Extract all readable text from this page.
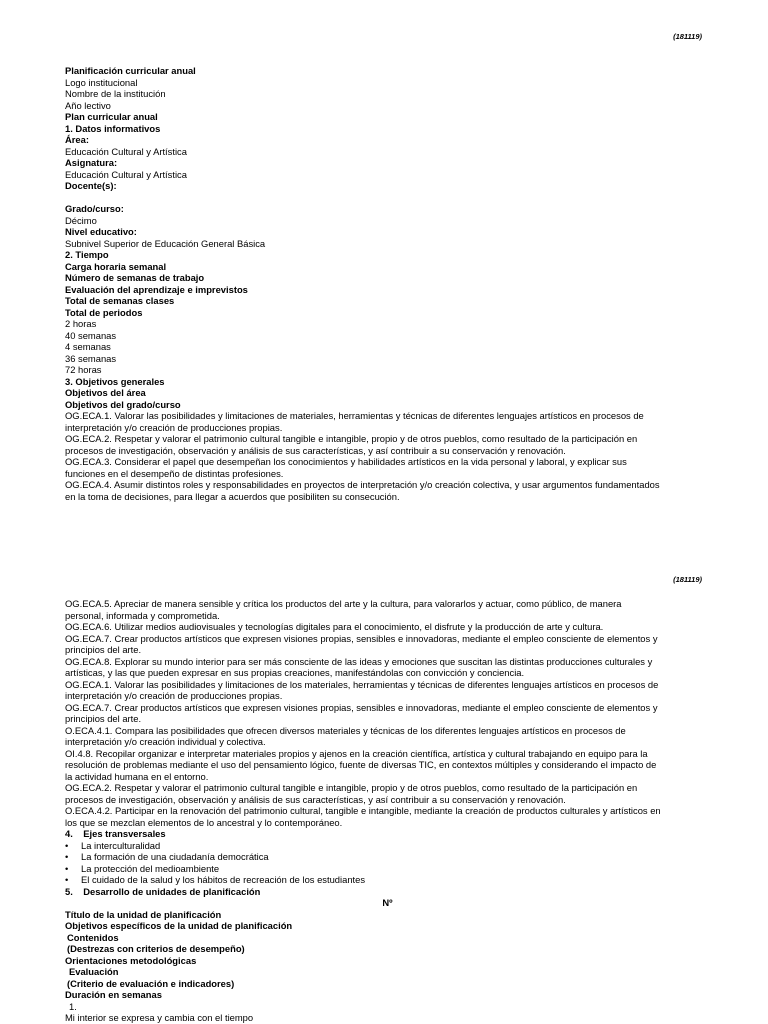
(181119)

Planificación curricular anual

Logo institucional

Nombre de la institución

Año lectivo

Plan curricular anual

1. Datos informativos

Área:

Educación Cultural y Artística

Asignatura:

Educación Cultural y Artística

Docente(s):

Grado/curso:

Décimo

Nivel educativo:

Subnivel Superior de Educación General Básica

2. Tiempo

Carga horaria semanal

Número de semanas de trabajo

Evaluación del aprendizaje e imprevistos

Total de semanas clases

Total de periodos

2 horas

40 semanas

4 semanas

36 semanas

72 horas

3. Objetivos generales

Objetivos del área

Objetivos del grado/curso

OG.ECA.1. Valorar las posibilidades y limitaciones de materiales, herramientas y técnicas de diferentes lenguajes artísticos en procesos de

interpretación y/o creación de producciones propias.

OG.ECA.2. Respetar y valorar el patrimonio cultural tangible e intangible, propio y de otros pueblos, como resultado de la participación en

procesos de investigación, observación y análisis de sus características, y así contribuir a su conservación y renovación.

OG.ECA.3. Considerar el papel que desempeñan los conocimientos y habilidades artísticos en la vida personal y laboral, y explicar sus

funciones en el desempeño de distintas profesiones.

OG.ECA.4. Asumir distintos roles y responsabilidades en proyectos de interpretación y/o creación colectiva, y usar argumentos fundamentados

en la toma de decisiones, para llegar a acuerdos que posibiliten su consecución.

(181119)

OG.ECA.5. Apreciar de manera sensible y crítica los productos del arte y la cultura, para valorarlos y actuar, como público, de manera

personal, informada y comprometida.

OG.ECA.6. Utilizar medios audiovisuales y tecnologías digitales para el conocimiento, el disfrute y la producción de arte y cultura.

OG.ECA.7. Crear productos artísticos que expresen visiones propias, sensibles e innovadoras, mediante el empleo consciente de elementos y

principios del arte.

OG.ECA.8. Explorar su mundo interior para ser más consciente de las ideas y emociones que suscitan las distintas producciones culturales y

artísticas, y las que pueden expresar en sus propias creaciones, manifestándolas con convicción y conciencia.

OG.ECA.1. Valorar las posibilidades y limitaciones de los materiales, herramientas y técnicas de diferentes lenguajes artísticos en procesos de

interpretación y/o creación de producciones propias.

OG.ECA.7. Crear productos artísticos que expresen visiones propias, sensibles e innovadoras, mediante el empleo consciente de elementos y

principios del arte.

O.ECA.4.1. Compara las posibilidades que ofrecen diversos materiales y técnicas de los diferentes lenguajes artísticos en procesos de

interpretación y/o creación individual y colectiva.

OI.4.8. Recopilar organizar e interpretar materiales propios y ajenos en la creación científica, artística y cultural trabajando en equipo para la

resolución de problemas mediante el uso del pensamiento lógico, fuente de diversas TIC, en contextos múltiples y considerando el impacto de

la actividad humana en el entorno.

OG.ECA.2. Respetar y valorar el patrimonio cultural tangible e intangible, propio y de otros pueblos, como resultado de la participación en

procesos de investigación, observación y análisis de sus características, y así contribuir a su conservación y renovación.

O.ECA.4.2. Participar en la renovación del patrimonio cultural, tangible e intangible, mediante la creación de productos culturales y artísticos en

los que se mezclan elementos de lo ancestral y lo contemporáneo.

4. Ejes transversales

• La interculturalidad
• La formación de una ciudadanía democrática
• La protección del medioambiente
• El cuidado de la salud y los hábitos de recreación de los estudiantes

5. Desarrollo de unidades de planificación

Nº

Título de la unidad de planificación

Objetivos específicos de la unidad de planificación

Contenidos

(Destrezas con criterios de desempeño)

Orientaciones metodológicas

Evaluación

(Criterio de evaluación e indicadores)

Duración en semanas

1.

Mi interior se expresa y cambia con el tiempo
